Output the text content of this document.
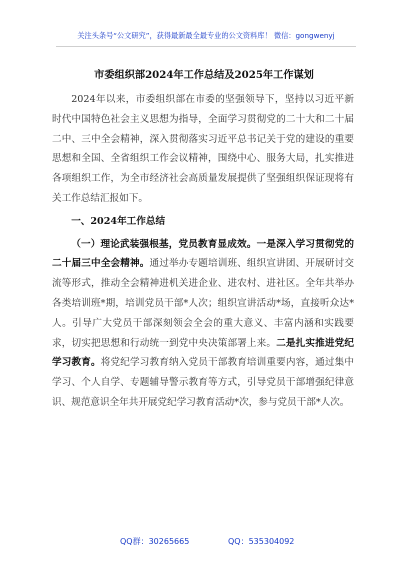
关注头条号“公文研究”，获得最新最全最专业的公文资料库！ 微信：gongwenyj
市委组织部2024年工作总结及2025年工作谋划

2024年以来，市委组织部在市委的坚强领导下，坚持以习近平新时代中国特色社会主义思想为指导，全面学习贯彻党的二十大和二十届二中、三中全会精神，深入贯彻落实习近平总书记关于党的建设的重要思想和全国、全省组织工作会议精神，围绕中心、服务大局，扎实推进各项组织工作，为全市经济社会高质量发展提供了坚强组织保证现将有关工作总结汇报如下。

一、2024年工作总结

（一）理论武装强根基，党员教育显成效。一是深入学习贯彻党的二十届三中全会精神。通过举办专题培训班、组织宣讲团、开展研讨交流等形式，推动全会精神进机关进企业、进农村、进社区。全年共举办各类培训班*期，培训党员干部*人次；组织宣讲活动*场，直接听众达*人。引导广大党员干部深刻领会全会的重大意义、丰富内涵和实践要求，切实把思想和行动统一到党中央决策部署上来。二是扎实推进党纪学习教育。将党纪学习教育纳入党员干部教育培训重要内容，通过集中学习、个人自学、专题辅导警示教育等方式，引导党员干部增强纪律意识、规范意识全年共开展党纪学习教育活动*次，参与党员干部*人次。

QQ群：30265665	QQ：535304092
